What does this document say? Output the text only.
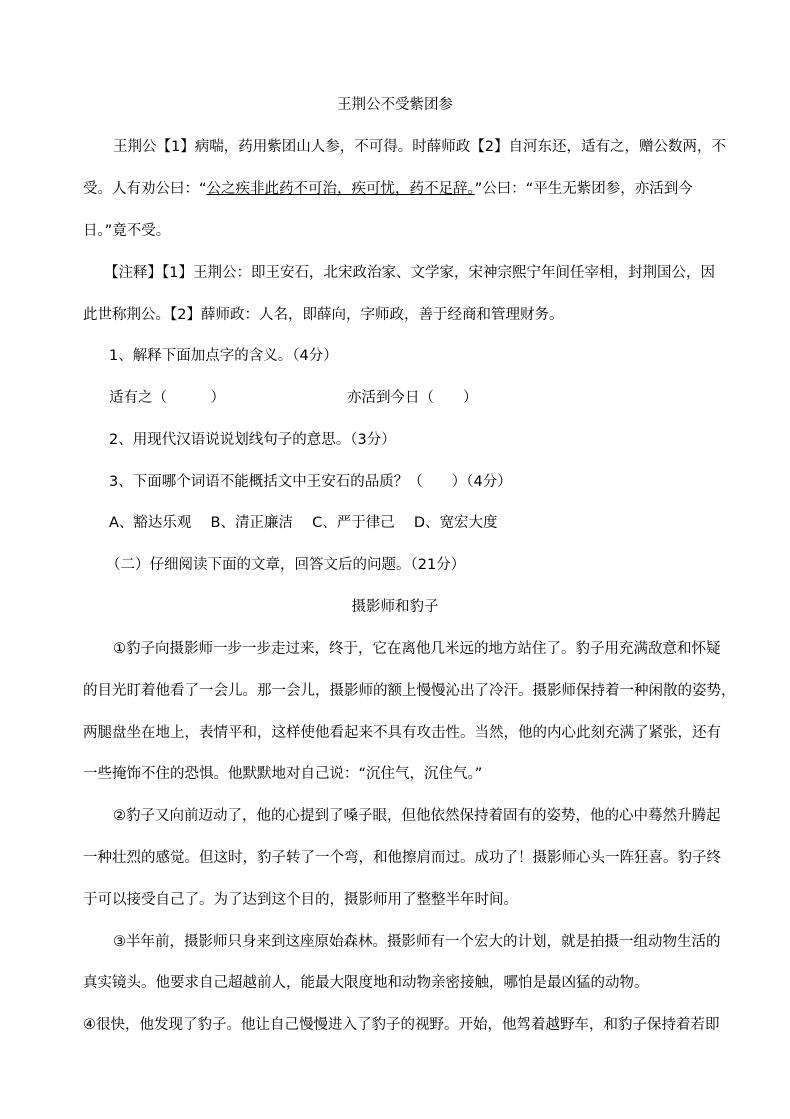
王荆公不受紫团参
王荆公【1】病喘，药用紫团山人参，不可得。时薛师政【2】自河东还，适有之，赠公数两，不
受。人有劝公曰：“公之疾非此药不可治，疾可忧，药不足辞。”公曰：“平生无紫团参，亦活到今
日。”竟不受。
【注释】【1】王荆公：即王安石，北宋政治家、文学家，宋神宗熙宁年间任宰相，封荆国公，因
此世称荆公。【2】薛师政：人名，即薛向，字师政，善于经商和管理财务。
1、解释下面加点字的含义。（4分）
适有之（　　　）	亦活到今日（　　）
2、用现代汉语说说划线句子的意思。（3分）
3、下面哪个词语不能概括文中王安石的品质？（　　）（4分）
A、豁达乐观　 B、清正廉洁　 C、严于律己　 D、宽宏大度
（二）仔细阅读下面的文章，回答文后的问题。（21分）
摄影师和豹子
①豹子向摄影师一步一步走过来，终于，它在离他几米远的地方站住了。豹子用充满敌意和怀疑
的目光盯着他看了一会儿。那一会儿，摄影师的额上慢慢沁出了冷汗。摄影师保持着一种闲散的姿势，
两腿盘坐在地上，表情平和，这样使他看起来不具有攻击性。当然，他的内心此刻充满了紧张，还有
一些掩饰不住的恐惧。他默默地对自己说：“沉住气，沉住气。”
②豹子又向前迈动了，他的心提到了嗓子眼，但他依然保持着固有的姿势，他的心中蓦然升腾起
一种壮烈的感觉。但这时，豹子转了一个弯，和他擦肩而过。成功了！摄影师心头一阵狂喜。豹子终
于可以接受自己了。为了达到这个目的，摄影师用了整整半年时间。
③半年前，摄影师只身来到这座原始森林。摄影师有一个宏大的计划，就是拍摄一组动物生活的
真实镜头。他要求自己超越前人，能最大限度地和动物亲密接触，哪怕是最凶猛的动物。
④很快，他发现了豹子。他让自己慢慢进入了豹子的视野。开始，他驾着越野车，和豹子保持着若即
